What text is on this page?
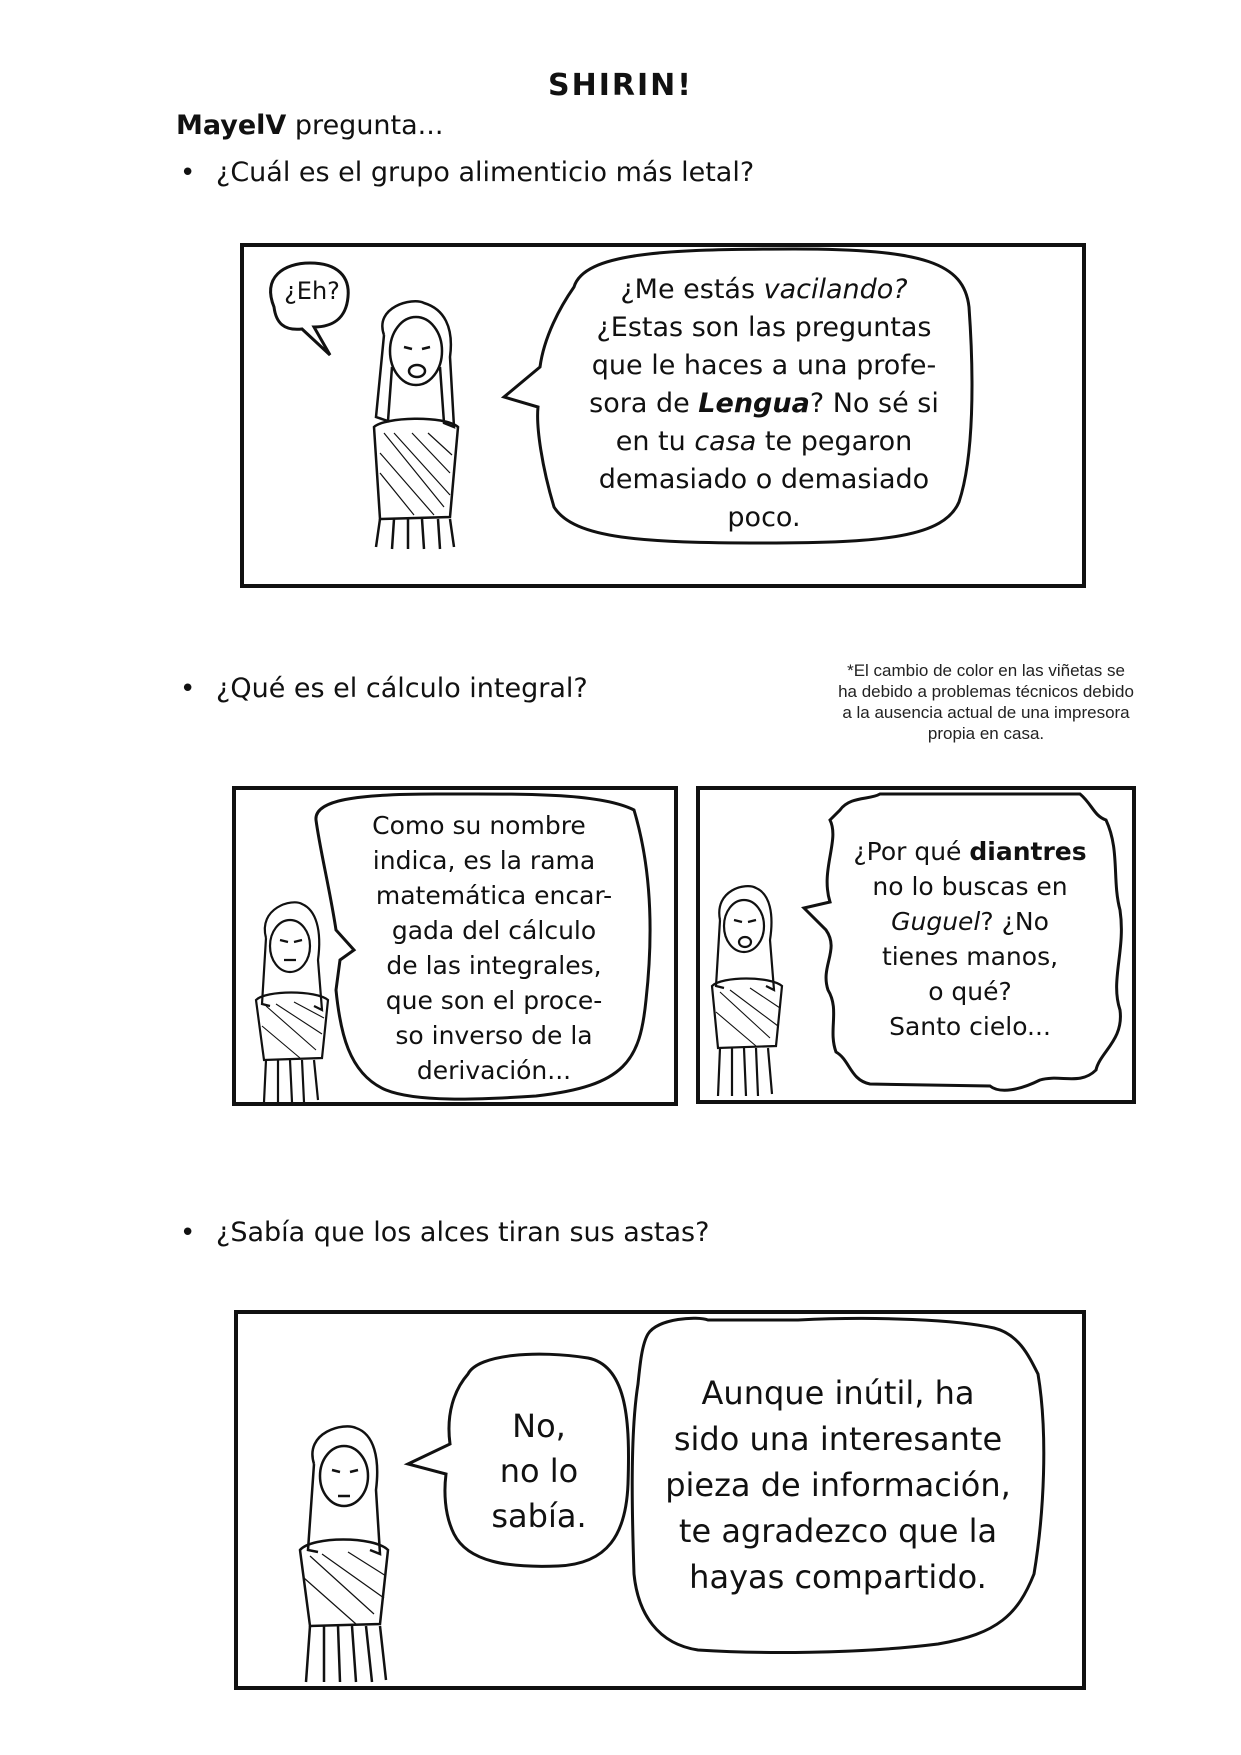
SHIRIN!
MayelV pregunta...
• ¿Cuál es el grupo alimenticio más letal?
¿Eh?	¿Me estás vacilando?
¿Estas son las preguntas
que le haces a una profe-
sora de Lengua? No sé si
en tu casa te pegaron
demasiado o demasiado
poco.
• ¿Qué es el cálculo integral?
*El cambio de color en las viñetas se ha debido a problemas técnicos debido a la ausencia actual de una impresora propia en casa.
Como su nombre
indica, es la rama
matemática encar-
gada del cálculo
de las integrales,
que son el proce-
so inverso de la
derivación...
¿Por qué diantres
no lo buscas en
Guguel? ¿No
tienes manos,
o qué?
Santo cielo...
• ¿Sabía que los alces tiran sus astas?
No,
no lo
sabía.
Aunque inútil, ha
sido una interesante
pieza de información,
te agradezco que la
hayas compartido.
